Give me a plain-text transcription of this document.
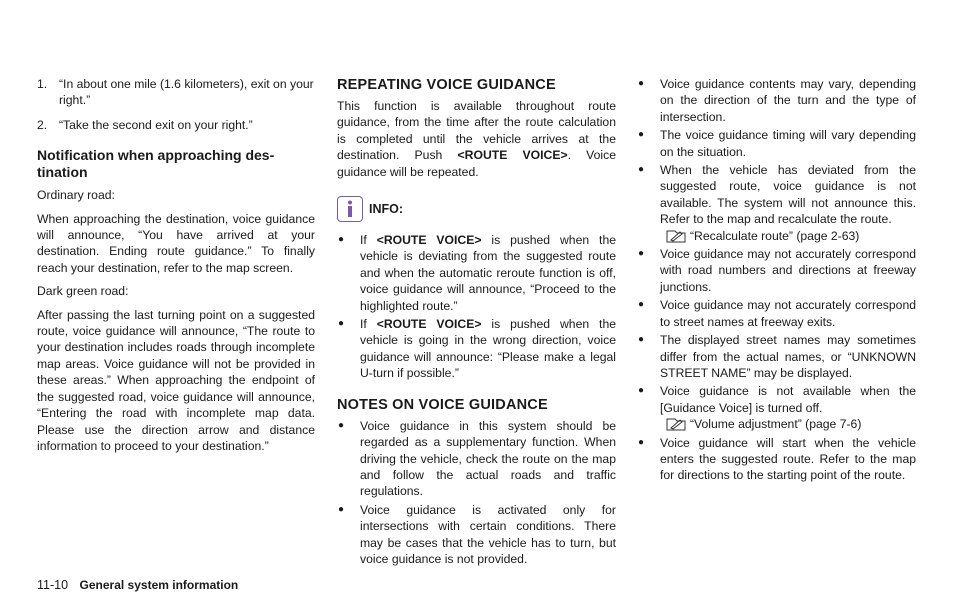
1. “In about one mile (1.6 kilometers), exit on your right.”
2. “Take the second exit on your right.”
Notification when approaching des-
tination

Ordinary road:

When approaching the destination, voice guidance will announce, “You have arrived at your destination. Ending route guidance.” To finally reach your destination, refer to the map screen.

Dark green road:

After passing the last turning point on a suggested route, voice guidance will announce, “The route to your destination includes roads through incomplete map areas. Voice guidance will not be provided in these areas.” When approaching the endpoint of the suggested road, voice guidance will announce, “Entering the road with incomplete map data. Please use the direction arrow and distance information to proceed to your destination.”

REPEATING VOICE GUIDANCE

This function is available throughout route guidance, from the time after the route calculation is completed until the vehicle arrives at the destination. Push <ROUTE VOICE>. Voice guidance will be repeated.

INFO:
● If <ROUTE VOICE> is pushed when the vehicle is deviating from the suggested route and when the automatic reroute function is off, voice guidance will announce, “Proceed to the highlighted route.”
● If <ROUTE VOICE> is pushed when the vehicle is going in the wrong direction, voice guidance will announce: “Please make a legal U-turn if possible.”
NOTES ON VOICE GUIDANCE
● Voice guidance in this system should be regarded as a supplementary function. When driving the vehicle, check the route on the map and follow the actual roads and traffic regulations.
● Voice guidance is activated only for intersections with certain conditions. There may be cases that the vehicle has to turn, but voice guidance is not provided.
● Voice guidance contents may vary, depending on the direction of the turn and the type of intersection.
● The voice guidance timing will vary depending on the situation.
● When the vehicle has deviated from the suggested route, voice guidance is not available. The system will not announce this. Refer to the map and recalculate the route.
“Recalculate route” (page 2-63)
● Voice guidance may not accurately correspond with road numbers and directions at freeway junctions.
● Voice guidance may not accurately correspond to street names at freeway exits.
● The displayed street names may sometimes differ from the actual names, or “UNKNOWN STREET NAME” may be displayed.
● Voice guidance is not available when the [Guidance Voice] is turned off.
“Volume adjustment” (page 7-6)
● Voice guidance will start when the vehicle enters the suggested route. Refer to the map for directions to the starting point of the route.
11-10 General system information
